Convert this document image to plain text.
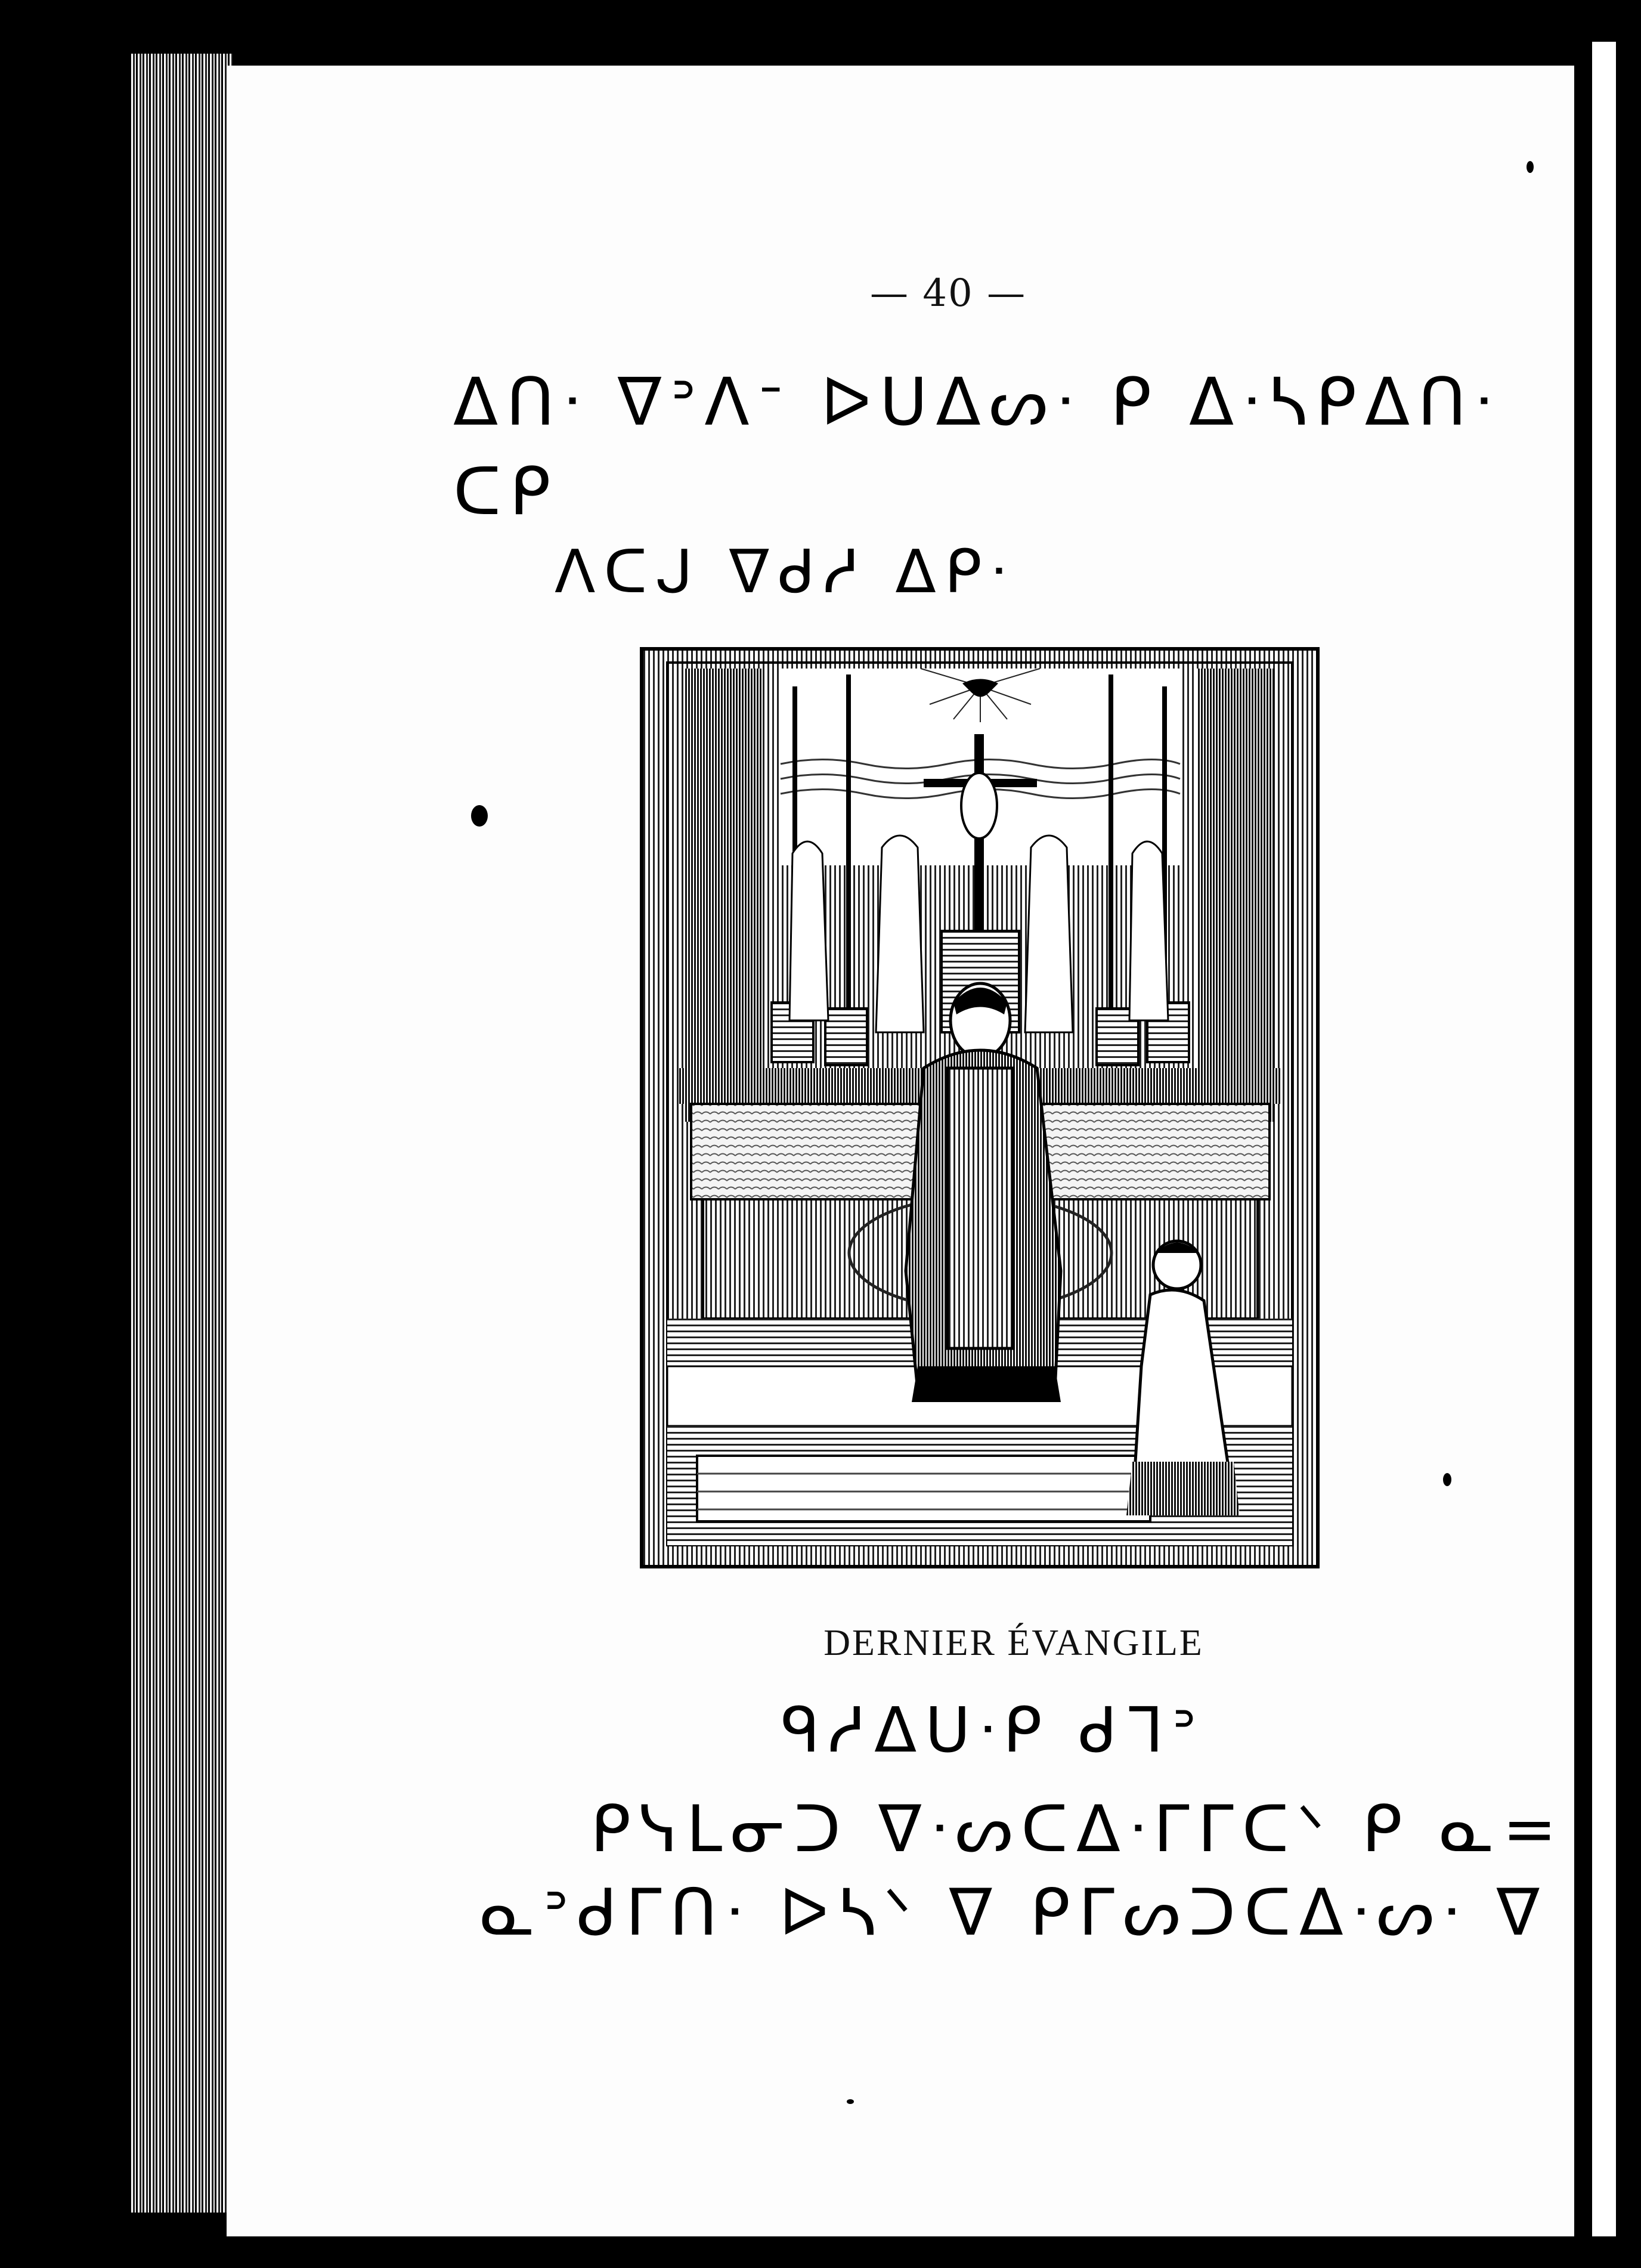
— 40 —
ᐃᑎᐧ ᐁᐣᐱᐨ ᐅᑌᐃᔕᐧ ᑭ ᐃᐧᓴᑭᐃᑎᐧ
ᑕᑭ
ᐱᑕᒍ ᐁᑯᓱ ᐃᑭᐧ
DERNIER ÉVANGILE
ᑫᓱᐃᑌᐧᑭ ᑯᒣᐣ
ᑭᓭᒪᓂᑐ ᐁᐧᔕᑕᐃᐧᒥᒥᑕᐠ ᑭ ᓇ=
ᓇᐣᑯᒥᑎᐧ ᐅᓴᐠ ᐁ ᑭᒥᔕᑐᑕᐃᐧᔕᐧ ᐁ
